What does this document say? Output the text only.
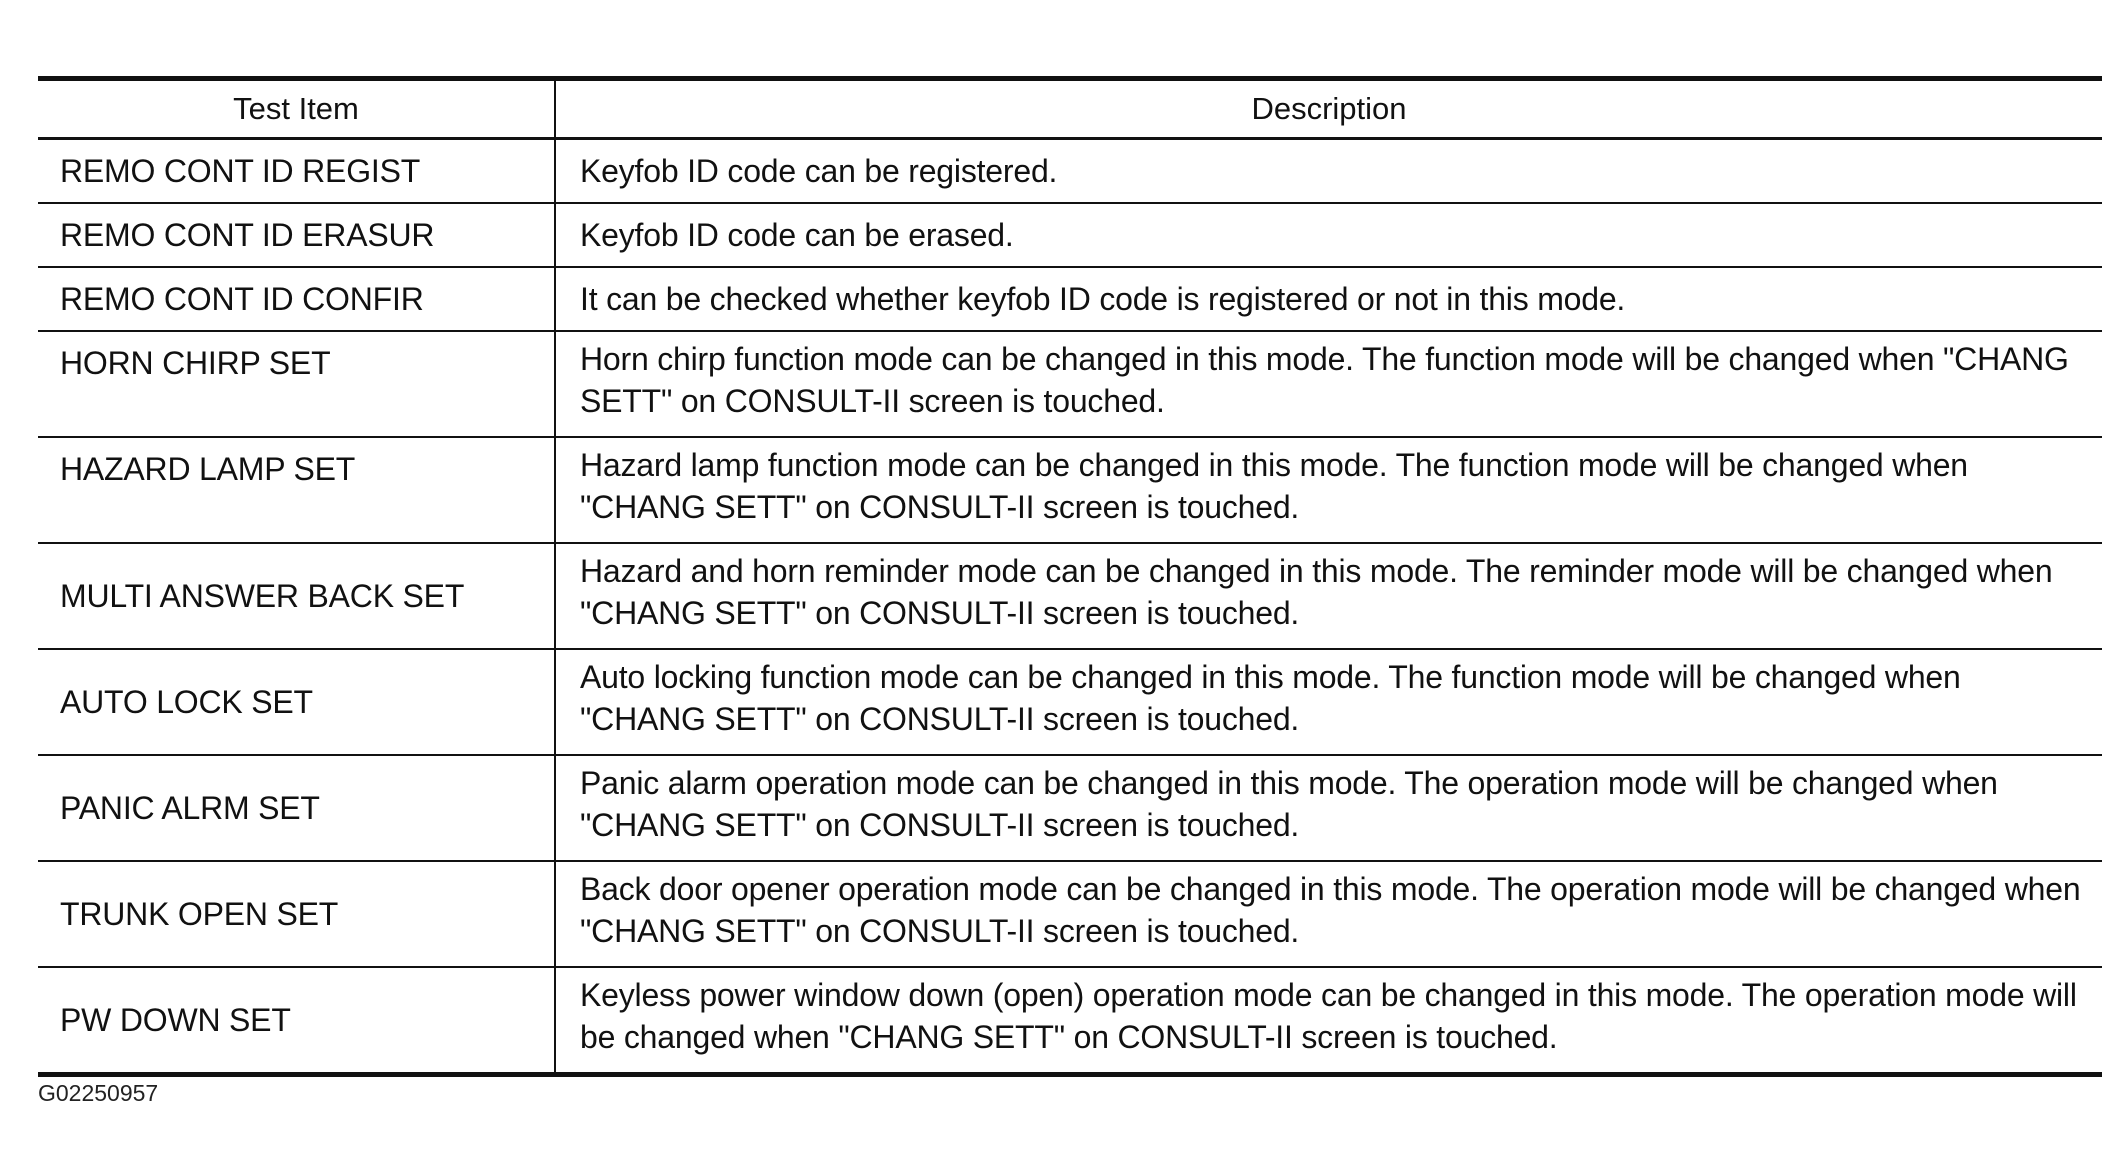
Test Item	Description
REMO CONT ID REGIST	Keyfob ID code can be registered.
REMO CONT ID ERASUR	Keyfob ID code can be erased.
REMO CONT ID CONFIR	It can be checked whether keyfob ID code is registered or not in this mode.
HORN CHIRP SET	Horn chirp function mode can be changed in this mode. The function mode will be changed when "CHANG SETT" on CONSULT-II screen is touched.
HAZARD LAMP SET	Hazard lamp function mode can be changed in this mode. The function mode will be changed when "CHANG SETT" on CONSULT-II screen is touched.
MULTI ANSWER BACK SET	Hazard and horn reminder mode can be changed in this mode. The reminder mode will be changed when "CHANG SETT" on CONSULT-II screen is touched.
AUTO LOCK SET	Auto locking function mode can be changed in this mode. The function mode will be changed when "CHANG SETT" on CONSULT-II screen is touched.
PANIC ALRM SET	Panic alarm operation mode can be changed in this mode. The operation mode will be changed when "CHANG SETT" on CONSULT-II screen is touched.
TRUNK OPEN SET	Back door opener operation mode can be changed in this mode. The operation mode will be changed when "CHANG SETT" on CONSULT-II screen is touched.
PW DOWN SET	Keyless power window down (open) operation mode can be changed in this mode. The operation mode will be changed when "CHANG SETT" on CONSULT-II screen is touched.
G02250957
